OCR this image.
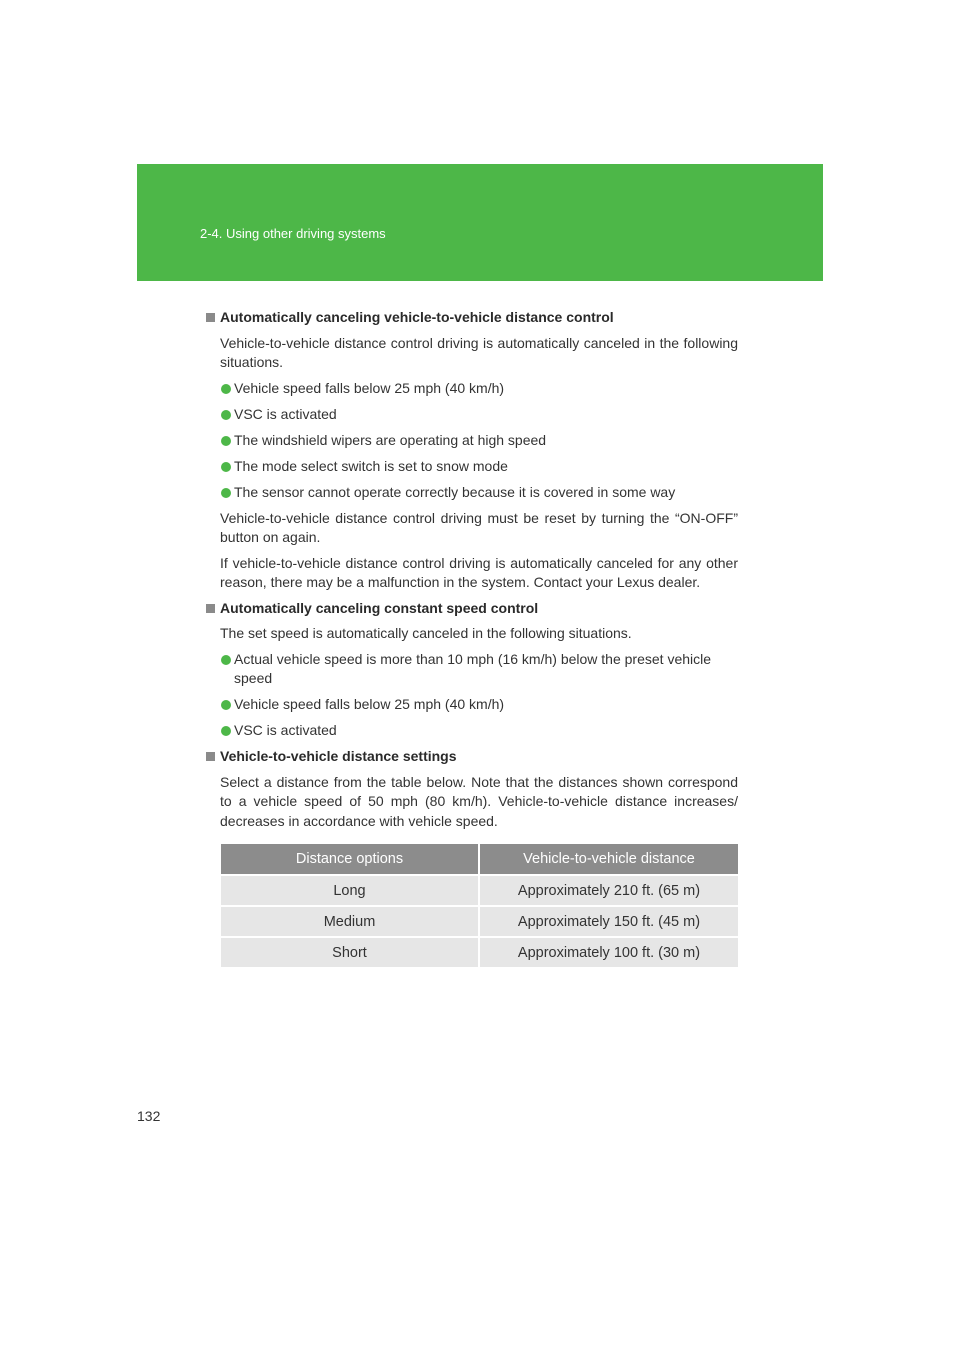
2-4. Using other driving systems
Automatically canceling vehicle-to-vehicle distance control

Vehicle-to-vehicle distance control driving is automatically canceled in the following situations.

Vehicle speed falls below 25 mph (40 km/h)
VSC is activated
The windshield wipers are operating at high speed
The mode select switch is set to snow mode
The sensor cannot operate correctly because it is covered in some way

Vehicle-to-vehicle distance control driving must be reset by turning the “ON-OFF” button on again.

If vehicle-to-vehicle distance control driving is automatically canceled for any other reason, there may be a malfunction in the system. Contact your Lexus dealer.

Automatically canceling constant speed control

The set speed is automatically canceled in the following situations.

Actual vehicle speed is more than 10 mph (16 km/h) below the preset vehicle speed
Vehicle speed falls below 25 mph (40 km/h)
VSC is activated
Vehicle-to-vehicle distance settings

Select a distance from the table below. Note that the distances shown correspond to a vehicle speed of 50 mph (80 km/h). Vehicle-to-vehicle distance increases/ decreases in accordance with vehicle speed.

Distance options	Vehicle-to-vehicle distance
Long	Approximately 210 ft. (65 m)
Medium	Approximately 150 ft. (45 m)
Short	Approximately 100 ft. (30 m)
132
